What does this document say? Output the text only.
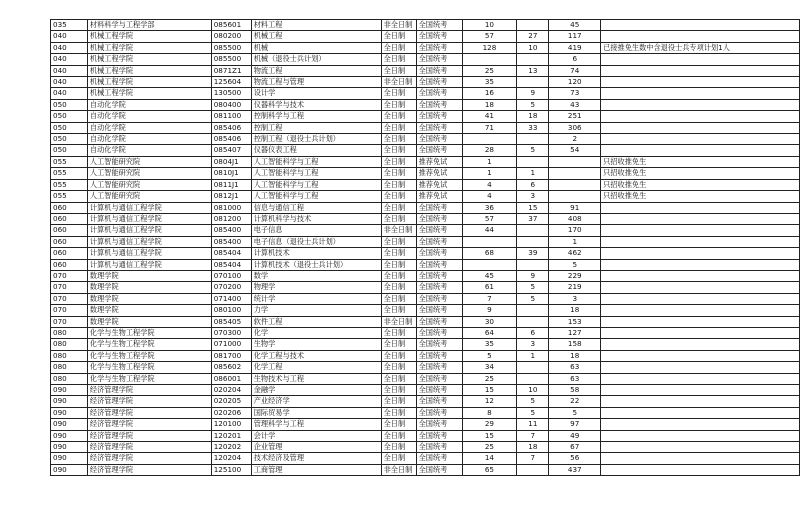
035	材料科学与工程学部	085601	材料工程	非全日制	全国统考	10		45	
040	机械工程学院	080200	机械工程	全日制	全国统考	57	27	117	
040	机械工程学院	085500	机械	全日制	全国统考	128	10	419	已接推免生数中含退役士兵专项计划1人
040	机械工程学院	085500	机械（退役士兵计划）	全日制	全国统考			6	
040	机械工程学院	0871Z1	物流工程	全日制	全国统考	25	13	74	
040	机械工程学院	125604	物流工程与管理	非全日制	全国统考	35		120	
040	机械工程学院	130500	设计学	全日制	全国统考	16	9	73	
050	自动化学院	080400	仪器科学与技术	全日制	全国统考	18	5	43	
050	自动化学院	081100	控制科学与工程	全日制	全国统考	41	18	251	
050	自动化学院	085406	控制工程	全日制	全国统考	71	33	306	
050	自动化学院	085406	控制工程（退役士兵计划）	全日制	全国统考			2	
050	自动化学院	085407	仪器仪表工程	全日制	全国统考	28	5	54	
055	人工智能研究院	0804J1	人工智能科学与工程	全日制	推荐免试	1			只招收推免生
055	人工智能研究院	0810J1	人工智能科学与工程	全日制	推荐免试	1	1		只招收推免生
055	人工智能研究院	0811J1	人工智能科学与工程	全日制	推荐免试	4	6		只招收推免生
055	人工智能研究院	0812J1	人工智能科学与工程	全日制	推荐免试	4	3		只招收推免生
060	计算机与通信工程学院	081000	信息与通信工程	全日制	全国统考	36	15	91	
060	计算机与通信工程学院	081200	计算机科学与技术	全日制	全国统考	57	37	408	
060	计算机与通信工程学院	085400	电子信息	非全日制	全国统考	44		170	
060	计算机与通信工程学院	085400	电子信息（退役士兵计划）	全日制	全国统考			1	
060	计算机与通信工程学院	085404	计算机技术	全日制	全国统考	68	39	462	
060	计算机与通信工程学院	085404	计算机技术（退役士兵计划）	全日制	全国统考			5	
070	数理学院	070100	数学	全日制	全国统考	45	9	229	
070	数理学院	070200	物理学	全日制	全国统考	61	5	219	
070	数理学院	071400	统计学	全日制	全国统考	7	5	3	
070	数理学院	080100	力学	全日制	全国统考	9		18	
070	数理学院	085405	软件工程	非全日制	全国统考	30		153	
080	化学与生物工程学院	070300	化学	全日制	全国统考	64	6	127	
080	化学与生物工程学院	071000	生物学	全日制	全国统考	35	3	158	
080	化学与生物工程学院	081700	化学工程与技术	全日制	全国统考	5	1	18	
080	化学与生物工程学院	085602	化学工程	全日制	全国统考	34		63	
080	化学与生物工程学院	086001	生物技术与工程	全日制	全国统考	25		63	
090	经济管理学院	020204	金融学	全日制	全国统考	15	10	58	
090	经济管理学院	020205	产业经济学	全日制	全国统考	12	5	22	
090	经济管理学院	020206	国际贸易学	全日制	全国统考	8	5	5	
090	经济管理学院	120100	管理科学与工程	全日制	全国统考	29	11	97	
090	经济管理学院	120201	会计学	全日制	全国统考	15	7	49	
090	经济管理学院	120202	企业管理	全日制	全国统考	25	18	67	
090	经济管理学院	120204	技术经济及管理	全日制	全国统考	14	7	56	
090	经济管理学院	125100	工商管理	非全日制	全国统考	65		437	
